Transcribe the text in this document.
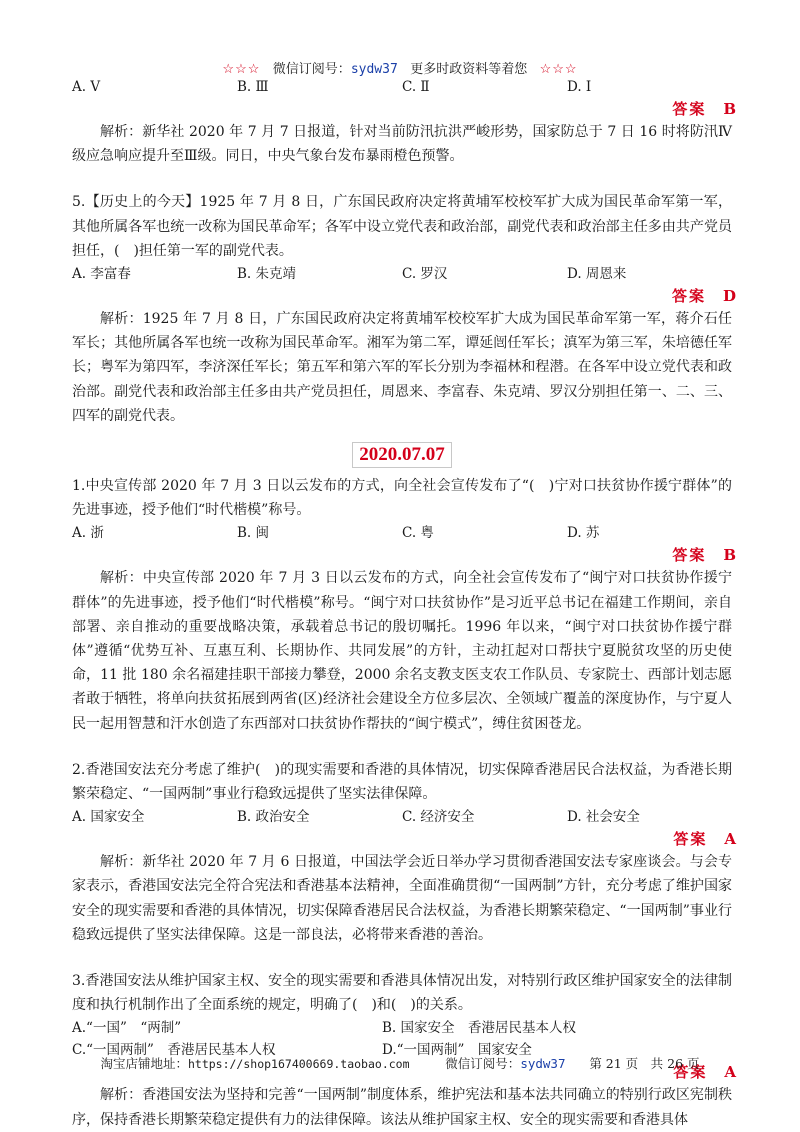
☆☆☆ 微信订阅号：sydw37 更多时政资料等着您 ☆☆☆
A. Ⅴ	B. Ⅲ	C. Ⅱ	D. Ⅰ

答案　B

解析：新华社 2020 年 7 月 7 日报道，针对当前防汛抗洪严峻形势，国家防总于 7 日 16 时将防汛Ⅳ级应急响应提升至Ⅲ级。同日，中央气象台发布暴雨橙色预警。

5.【历史上的今天】1925 年 7 月 8 日，广东国民政府决定将黄埔军校校军扩大成为国民革命军第一军，其他所属各军也统一改称为国民革命军；各军中设立党代表和政治部，副党代表和政治部主任多由共产党员担任，(　)担任第一军的副党代表。

A. 李富春	B. 朱克靖	C. 罗汉	D. 周恩来

答案　D

解析：1925 年 7 月 8 日，广东国民政府决定将黄埔军校校军扩大成为国民革命军第一军，蒋介石任军长；其他所属各军也统一改称为国民革命军。湘军为第二军，谭延闿任军长；滇军为第三军，朱培德任军长；粤军为第四军，李济深任军长；第五军和第六军的军长分别为李福林和程潜。在各军中设立党代表和政治部。副党代表和政治部主任多由共产党员担任，周恩来、李富春、朱克靖、罗汉分别担任第一、二、三、四军的副党代表。

2020.07.07

1.中央宣传部 2020 年 7 月 3 日以云发布的方式，向全社会宣传发布了“(　)宁对口扶贫协作援宁群体”的先进事迹，授予他们“时代楷模”称号。

A. 浙	B. 闽	C. 粤	D. 苏

答案　B

解析：中央宣传部 2020 年 7 月 3 日以云发布的方式，向全社会宣传发布了“闽宁对口扶贫协作援宁群体”的先进事迹，授予他们“时代楷模”称号。“闽宁对口扶贫协作”是习近平总书记在福建工作期间，亲自部署、亲自推动的重要战略决策，承载着总书记的殷切嘱托。1996 年以来，“闽宁对口扶贫协作援宁群体”遵循“优势互补、互惠互利、长期协作、共同发展”的方针，主动扛起对口帮扶宁夏脱贫攻坚的历史使命，11 批 180 余名福建挂职干部接力攀登，2000 余名支教支医支农工作队员、专家院士、西部计划志愿者敢于牺牲，将单向扶贫拓展到两省(区)经济社会建设全方位多层次、全领域广覆盖的深度协作，与宁夏人民一起用智慧和汗水创造了东西部对口扶贫协作帮扶的“闽宁模式”，缚住贫困苍龙。

2.香港国安法充分考虑了维护(　)的现实需要和香港的具体情况，切实保障香港居民合法权益，为香港长期繁荣稳定、“一国两制”事业行稳致远提供了坚实法律保障。

A. 国家安全	B. 政治安全	C. 经济安全	D. 社会安全

答案　A

解析：新华社 2020 年 7 月 6 日报道，中国法学会近日举办学习贯彻香港国安法专家座谈会。与会专家表示，香港国安法完全符合宪法和香港基本法精神，全面准确贯彻“一国两制”方针，充分考虑了维护国家安全的现实需要和香港的具体情况，切实保障香港居民合法权益，为香港长期繁荣稳定、“一国两制”事业行稳致远提供了坚实法律保障。这是一部良法，必将带来香港的善治。

3.香港国安法从维护国家主权、安全的现实需要和香港具体情况出发，对特别行政区维护国家安全的法律制度和执行机制作出了全面系统的规定，明确了(　)和(　)的关系。

A.“一国”　“两制”	B. 国家安全　香港居民基本人权
C.“一国两制”　香港居民基本人权	D.“一国两制”　国家安全

答案　A

解析：香港国安法为坚持和完善“一国两制”制度体系，维护宪法和基本法共同确立的特别行政区宪制秩序，保持香港长期繁荣稳定提供有力的法律保障。该法从维护国家主权、安全的现实需要和香港具体

淘宝店铺地址：https://shop167400669.taobao.com	微信订阅号：sydw37 第 21 页　共 26 页
